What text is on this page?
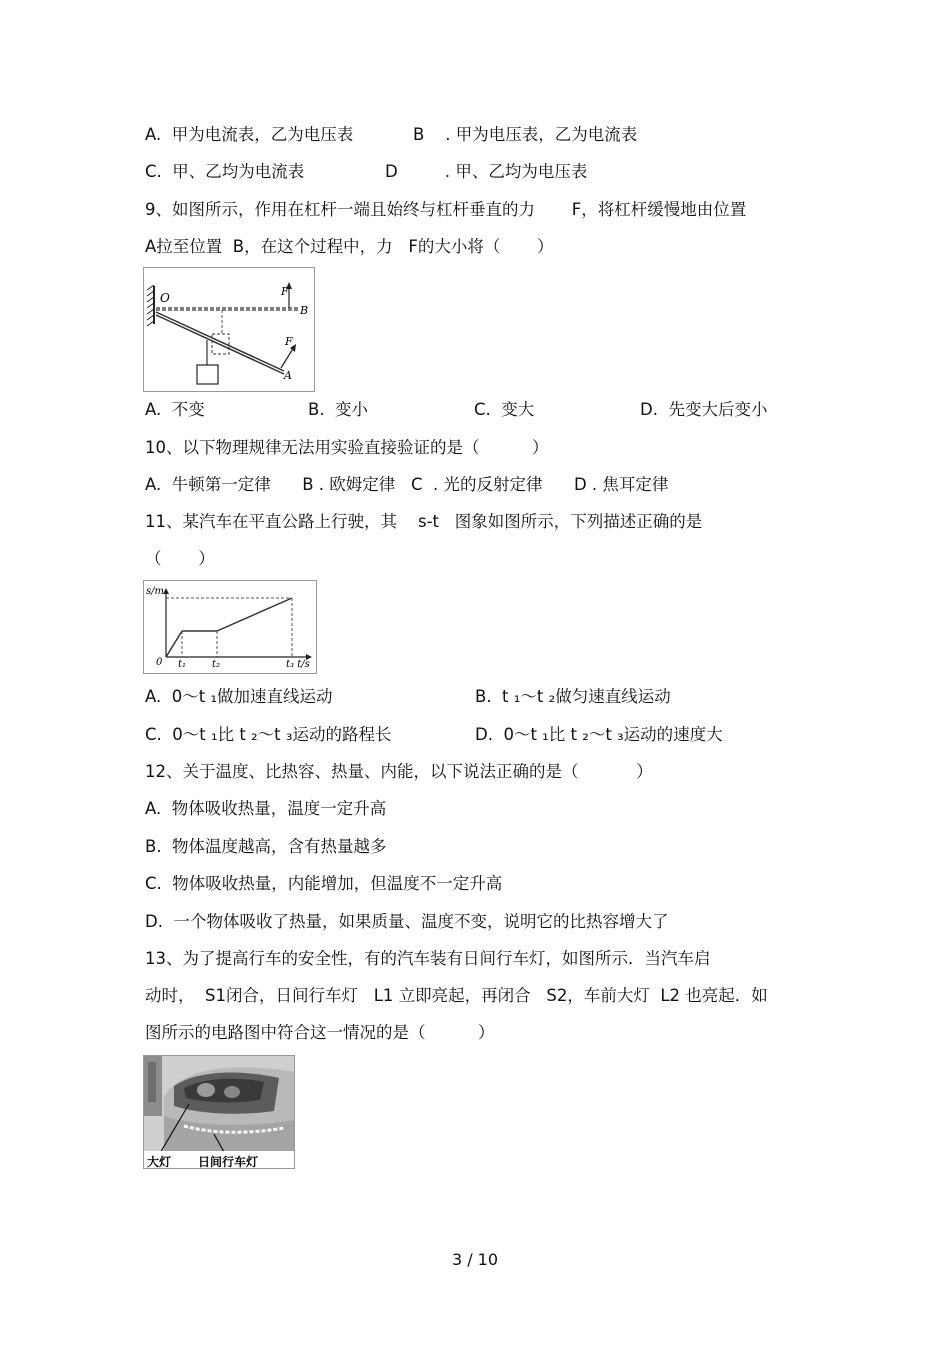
A.  甲为电流表，乙为电压表	B    . 甲为电压表，乙为电流表
C.  甲、乙均为电流表	D         . 甲、乙均为电压表
9、如图所示，作用在杠杆一端且始终与杠杆垂直的力       F，将杠杆缓慢地由位置
A拉至位置  B，在这个过程中，力   F的大小将（       ）
O	F
B
F
A
A.  不变	B.  变小	C.  变大	D.  先变大后变小
10、以下物理规律无法用实验直接验证的是（          ）
A.  牛顿第一定律      B . 欧姆定律   C  . 光的反射定律      D . 焦耳定律
11、某汽车在平直公路上行驶，其    s-t   图象如图所示，下列描述正确的是
（       ）
s/m
0 t₁	t₂	t₃ t/s
A.  0～t ₁做加速直线运动	B.  t ₁～t ₂做匀速直线运动
C.  0～t ₁比 t ₂～t ₃运动的路程长	D.  0～t ₁比 t ₂～t ₃运动的速度大
12、关于温度、比热容、热量、内能，以下说法正确的是（           ）
A.  物体吸收热量，温度一定升高
B.  物体温度越高，含有热量越多
C.  物体吸收热量，内能增加，但温度不一定升高
D.  一个物体吸收了热量，如果质量、温度不变，说明它的比热容增大了
13、为了提高行车的安全性，有的汽车装有日间行车灯，如图所示．当汽车启
动时，  S1闭合，日间行车灯   L1 立即亮起，再闭合   S2，车前大灯  L2 也亮起．如
图所示的电路图中符合这一情况的是（          ）
大灯 日间行车灯
3 / 10
